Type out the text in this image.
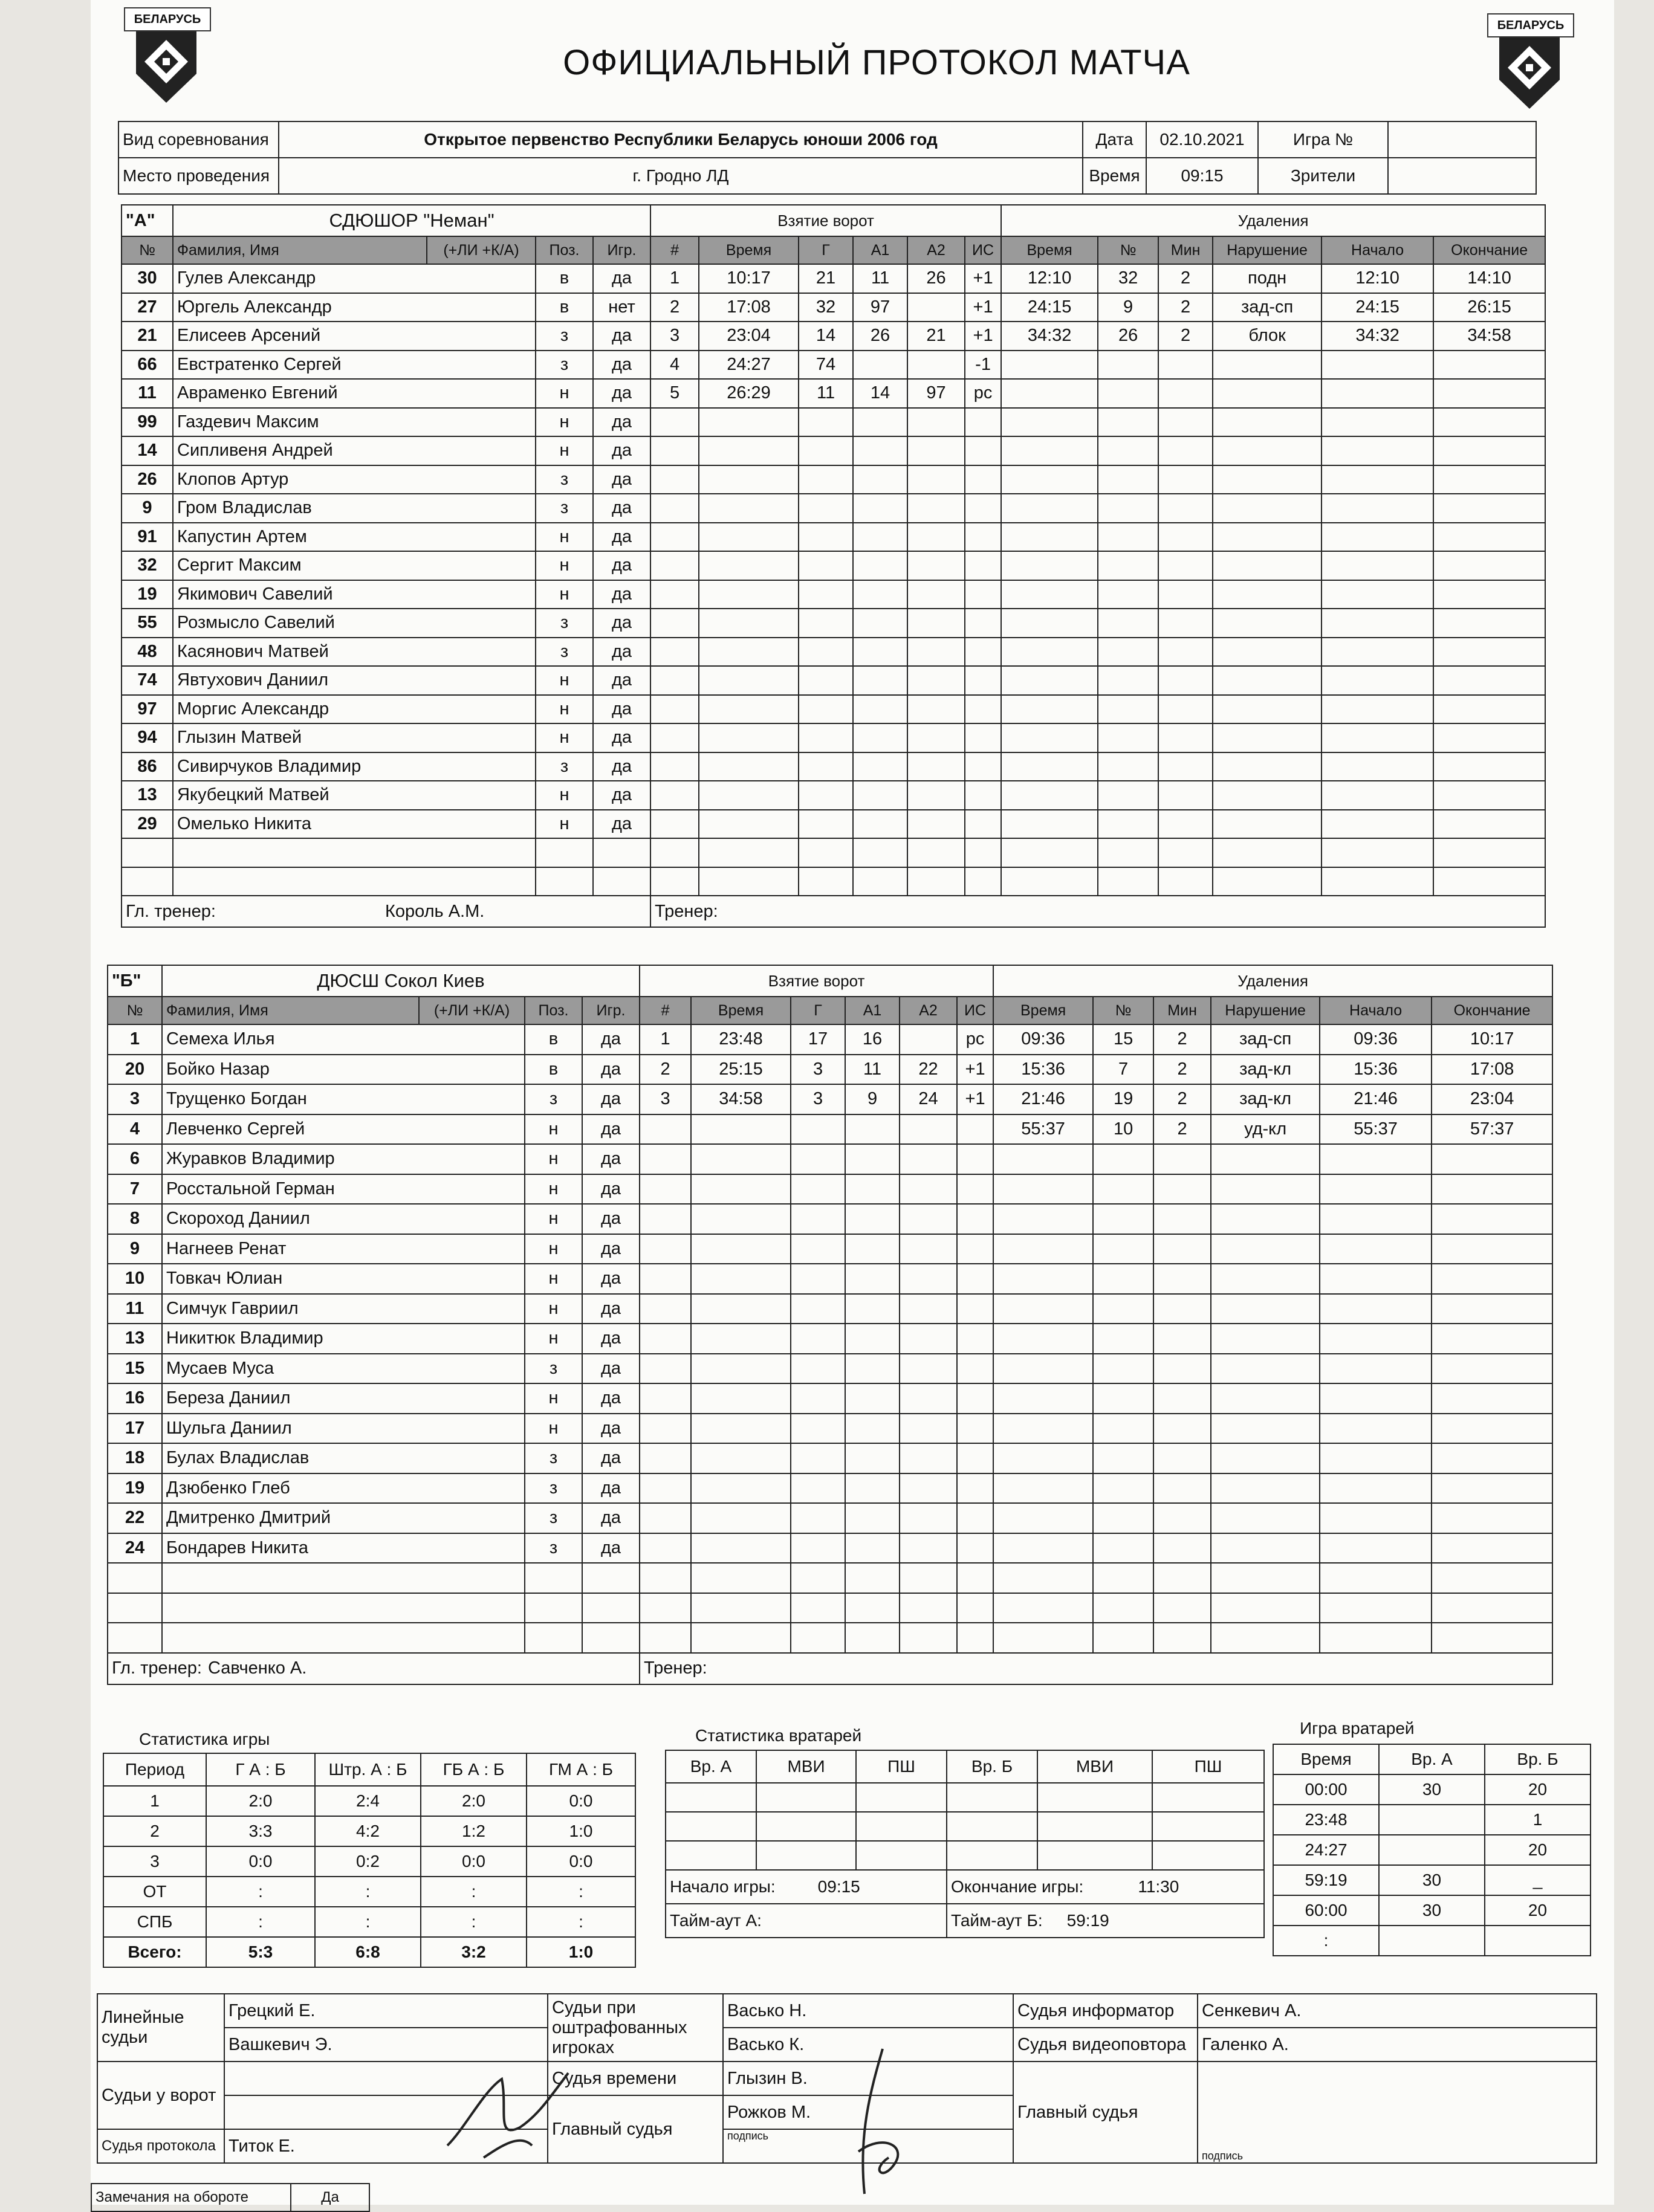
БЕЛАРУСЬ	БЕЛАРУСЬ
ОФИЦИАЛЬНЫЙ ПРОТОКОЛ МАТЧА
Вид соревнования	Открытое первенство Республики Беларусь юноши 2006 год	Дата	02.10.2021	Игра №	
Место проведения	г. Гродно ЛД	Время	09:15	Зрители	
"А"	СДЮШОР "Неман"				Взятие ворот						Удаления					
№	Фамилия, Имя	(+ЛИ +К/А)	Поз.	Игр.	#	Время	Г	А1	А2	ИС	Время	№	Мин	Нарушение	Начало	Окончание
30	Гулев Александр		в	да	1	10:17	21	11	26	+1	12:10	32	2	подн	12:10	14:10
27	Юргель Александр		в	нет	2	17:08	32	97		+1	24:15	9	2	зад-сп	24:15	26:15
21	Елисеев Арсений		з	да	3	23:04	14	26	21	+1	34:32	26	2	блок	34:32	34:58
66	Евстратенко Сергей		з	да	4	24:27	74			-1						
11	Авраменко Евгений		н	да	5	26:29	11	14	97	рс						
99	Газдевич Максим		н	да												
14	Сипливеня Андрей		н	да												
26	Клопов Артур		з	да												
9	Гром Владислав		з	да												
91	Капустин Артем		н	да												
32	Сергит Максим		н	да												
19	Якимович Савелий		н	да												
55	Розмысло Савелий		з	да												
48	Касянович Матвей		з	да												
74	Явтухович Даниил		н	да												
97	Моргис Александр		н	да												
94	Глызин Матвей		н	да												
86	Сивирчуков Владимир		з	да												
13	Якубецкий Матвей		н	да												
29	Омелько Никита		н	да												

Гл. тренер: Король А.М.					Тренер:											
"Б"	ДЮСШ Сокол Киев				Взятие ворот						Удаления					
№	Фамилия, Имя	(+ЛИ +К/А)	Поз.	Игр.	#	Время	Г	А1	А2	ИС	Время	№	Мин	Нарушение	Начало	Окончание
1	Семеха Илья		в	да	1	23:48	17	16		рс	09:36	15	2	зад-сп	09:36	10:17
20	Бойко Назар		в	да	2	25:15	3	11	22	+1	15:36	7	2	зад-кл	15:36	17:08
3	Трущенко Богдан		з	да	3	34:58	3	9	24	+1	21:46	19	2	зад-кл	21:46	23:04
4	Левченко Сергей		н	да							55:37	10	2	уд-кл	55:37	57:37
6	Журавков Владимир		н	да												
7	Росстальной Герман		н	да												
8	Скороход Даниил		н	да												
9	Нагнеев Ренат		н	да												
10	Товкач Юлиан		н	да												
11	Симчук Гавриил		н	да												
13	Никитюк Владимир		н	да												
15	Мусаев Муса		з	да												
16	Береза Даниил		н	да												
17	Шульга Даниил		н	да												
18	Булах Владислав		з	да												
19	Дзюбенко Глеб		з	да												
22	Дмитренко Дмитрий		з	да												
24	Бондарев Никита		з	да												

Гл. тренер: Савченко А.					Тренер:											
Статистика игры
Период	Г А : Б	Штр. А : Б	ГБ А : Б	ГМ А : Б
1	2:0	2:4	2:0	0:0
2	3:3	4:2	1:2	1:0
3	0:0	0:2	0:0	0:0
ОТ	:	:	:	:
СПБ	:	:	:	:
Всего:	5:3	6:8	3:2	1:0
Статистика вратарей
Вр. А	МВИ	ПШ	Вр. Б	МВИ	ПШ

Начало игры: 09:15			Окончание игры: 11:30		
Тайм-аут А:			Тайм-аут Б: 59:19		
Игра вратарей
Время	Вр. А	Вр. Б
00:00	30	20
23:48		1
24:27		20
59:19	30	_
60:00	30	20
:		
Линейные судьи	Грецкий Е.	Судьи при оштрафованных игроках	Васько Н.	Судья информатор	Сенкевич А.
	Вашкевич Э.		Васько К.	Судья видеоповтора	Галенко А.
Судьи у ворот		Судья времени	Глызин В.	Главный судья	подпись
		Главный судья	Рожков М.		
Судья протокола	Титок Е.		подпись		
Замечания на обороте	Да
